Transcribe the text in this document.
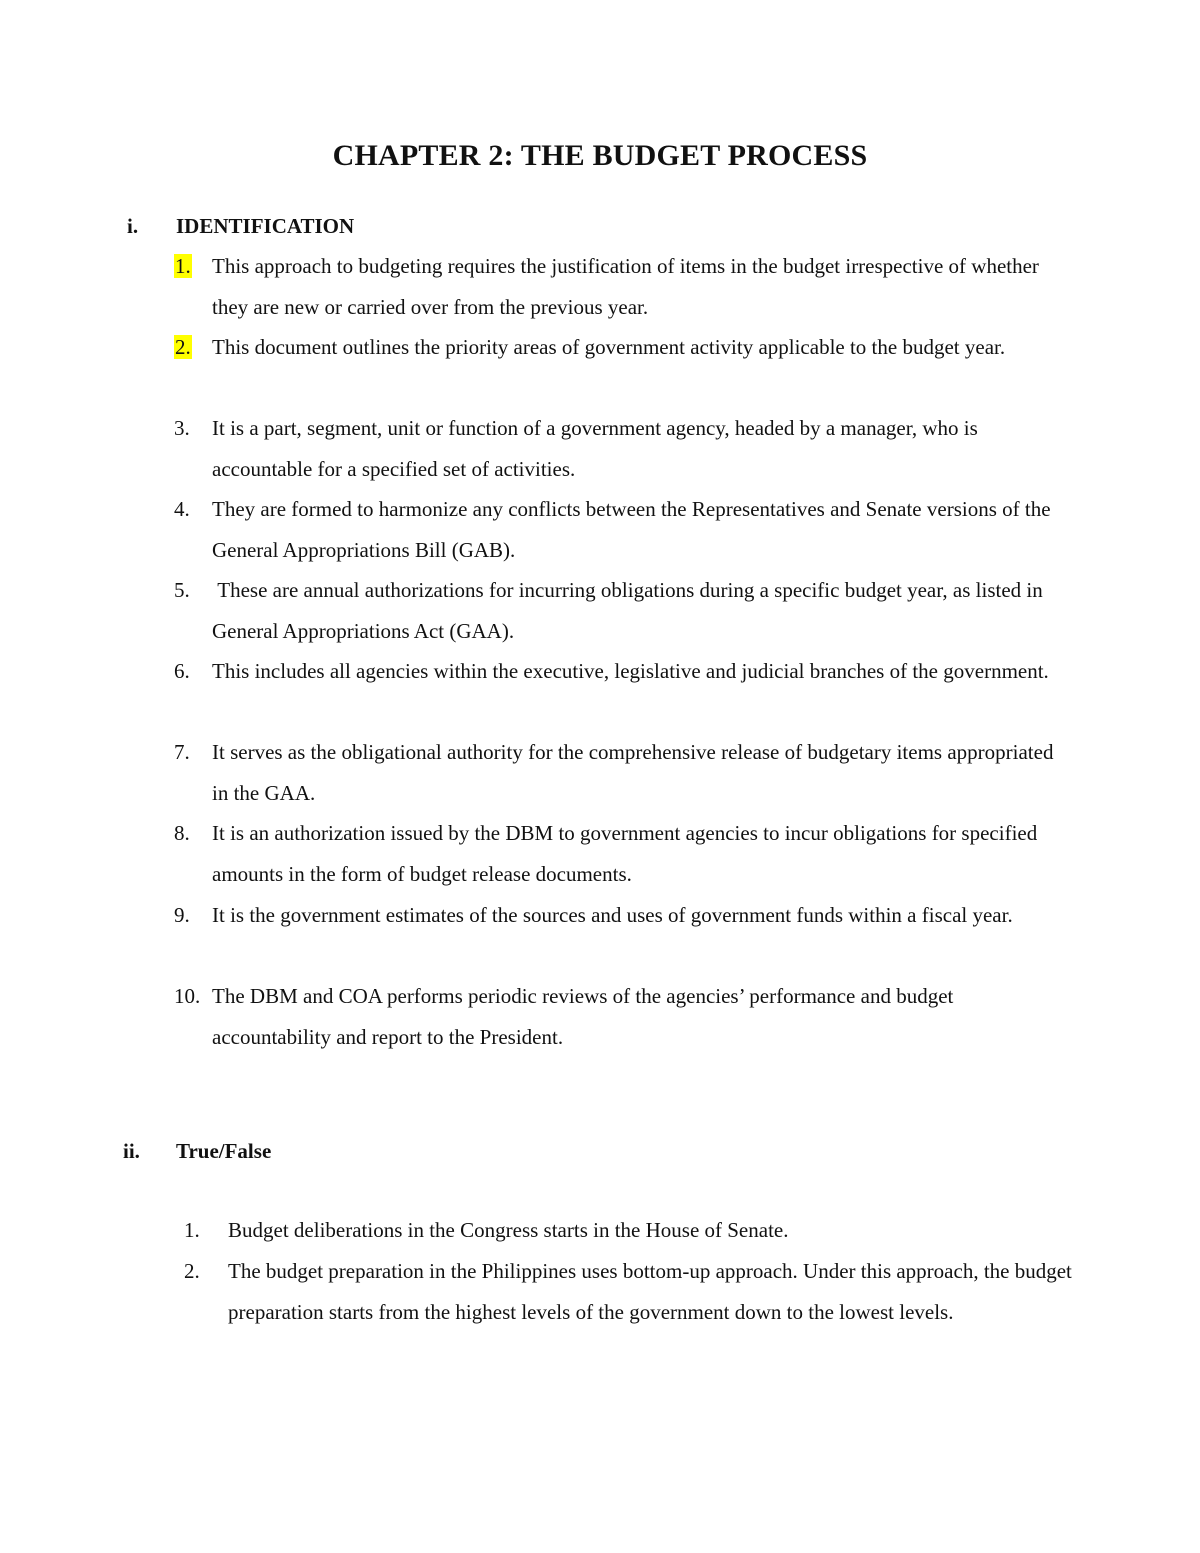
CHAPTER 2: THE BUDGET PROCESS
i. IDENTIFICATION
1. This approach to budgeting requires the justification of items in the budget irrespective of whether they are new or carried over from the previous year.
2. This document outlines the priority areas of government activity applicable to the budget year.
3. It is a part, segment, unit or function of a government agency, headed by a manager, who is accountable for a specified set of activities.
4. They are formed to harmonize any conflicts between the Representatives and Senate versions of the General Appropriations Bill (GAB).
5. These are annual authorizations for incurring obligations during a specific budget year, as listed in General Appropriations Act (GAA).
6. This includes all agencies within the executive, legislative and judicial branches of the government.
7. It serves as the obligational authority for the comprehensive release of budgetary items appropriated in the GAA.
8. It is an authorization issued by the DBM to government agencies to incur obligations for specified amounts in the form of budget release documents.
9. It is the government estimates of the sources and uses of government funds within a fiscal year.
10. The DBM and COA performs periodic reviews of the agencies’ performance and budget accountability and report to the President.
ii. True/False
1. Budget deliberations in the Congress starts in the House of Senate.
2. The budget preparation in the Philippines uses bottom-up approach. Under this approach, the budget preparation starts from the highest levels of the government down to the lowest levels.
